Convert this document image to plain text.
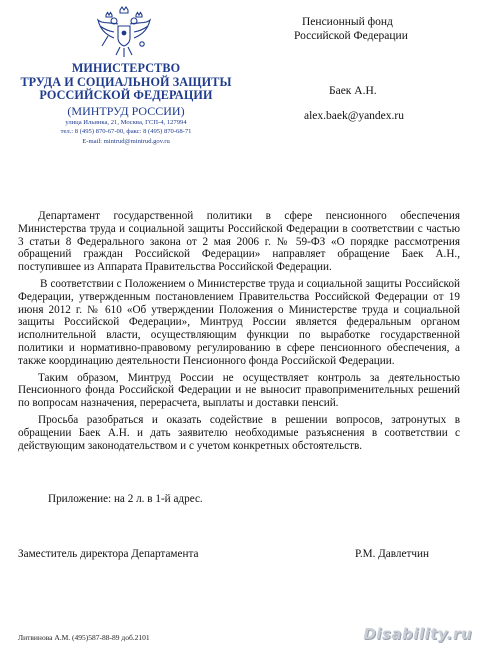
МИНИСТЕРСТВО
ТРУДА И СОЦИАЛЬНОЙ ЗАЩИТЫ
РОССИЙСКОЙ ФЕДЕРАЦИИ
(МИНТРУД РОССИИ)
улица Ильинка, 21, Москва, ГСП-4, 127994
тел.: 8 (495) 870-67-00, факс: 8 (495) 870-68-71
E-mail: mintrud@mintrud.gov.ru
Пенсионный фонд
Российской Федерации
Баек А.Н.
alex.baek@yandex.ru

Департамент государственной политики в сфере пенсионного обеспечения Министерства труда и социальной защиты Российской Федерации в соответствии с частью 3 статьи 8 Федерального закона от 2 мая 2006 г. № 59-ФЗ «О порядке рассмотрения обращений граждан Российской Федерации» направляет обращение Баек А.Н., поступившее из Аппарата Правительства Российской Федерации.

В соответствии с Положением о Министерстве труда и социальной защиты Российской Федерации, утвержденным постановлением Правительства Российской Федерации от 19 июня 2012 г. № 610 «Об утверждении Положения о Министерстве труда и социальной защиты Российской Федерации», Минтруд России является федеральным органом исполнительной власти, осуществляющим функции по выработке государственной политики и нормативно-правовому регулированию в сфере пенсионного обеспечения, а также координацию деятельности Пенсионного фонда Российской Федерации.

Таким образом, Минтруд России не осуществляет контроль за деятельностью Пенсионного фонда Российской Федерации и не выносит правоприменительных решений по вопросам назначения, перерасчета, выплаты и доставки пенсий.

Просьба разобраться и оказать содействие в решении вопросов, затронутых в обращении Баек А.Н. и дать заявителю необходимые разъяснения в соответствии с действующим законодательством и с учетом конкретных обстоятельств.

Приложение: на 2 л. в 1-й адрес.
Заместитель директора Департамента	Р.М. Давлетчин
Литвинова А.М. (495)587-88-89 доб.2101	Disability.ru
